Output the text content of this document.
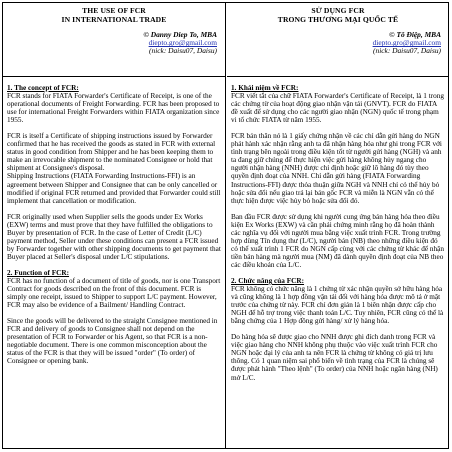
THE USE OF FCR
IN INTERNATIONAL TRADE
© Danny Diep To, MBA
diepto.gro@gmail.com
(nick: Daisu07, Daisu)
1. The concept of FCR:

FCR stands for FIATA Forwarder's Certificate of Receipt, is one of the operational documents of Freight Forwarding. FCR has been proposed to use for international Freight Forwarders within FIATA organization since 1955.

FCR is itself a Certificate of shipping instructions issued by Forwarder confirmed that he has received the goods as stated in FCR with external status in good condition from Shipper and he has been keeping them to make an irrevocable shipment to the nominated Consignee or hold that shipment at Consignee's disposal.

Shipping Instructions (FIATA Forwarding Instructions-FFI) is an agreement between Shipper and Consignee that can be only cancelled or modified if original FCR returned and provided that Forwarder could still implement that cancellation or modification.

FCR originally used when Supplier sells the goods under Ex Works (EXW) terms and must prove that they have fulfilled the obligations to Buyer by presentation of FCR. In the case of Letter of Credit (L/C) payment method, Seller under these conditions can present a FCR issued by Forwarder together with other shipping documents to get payment that Buyer placed at Seller's disposal under L/C stipulations.

2. Function of FCR:

FCR has no function of a document of title of goods, nor is one Transport Contract for goods described on the front of this document. FCR is simply one receipt, issued to Shipper to support L/C payment. However, FCR may also be evidence of a Bailment/ Handling Contract.

Since the goods will be delivered to the straight Consignee mentioned in FCR and delivery of goods to Consignee shall not depend on the presentation of FCR to Forwarder or his Agent, so that FCR is a non-negotiable document. There is one common misconception about the status of the FCR is that they will be issued "order" (To order) of Consignee or opening bank.

SỬ DỤNG FCR
TRONG THƯƠNG MẠI QUỐC TẾ
© Tô Điệp, MBA
diepto.gro@gmail.com
(nick: Daisu07, Daisu)
1. Khái niệm về FCR:

FCR viết tắt của chữ FIATA Forwarder's Certificate of Receipt, là 1 trong các chứng từ của hoạt động giao nhận vận tải (GNVT). FCR do FIATA đề xuất để sử dụng cho các người giao nhận (NGN) quốc tế trong phạm vi tổ chức FIATA từ năm 1955.

FCR bản thân nó là 1 giấy chứng nhận về các chỉ dẫn gửi hàng do NGN phát hành xác nhận rằng anh ta đã nhận hàng hóa như ghi trong FCR với tình trạng bên ngoài trong điều kiện tốt từ người gửi hàng (NGH) và anh ta đang giữ chúng để thực hiện việc gửi hàng không hủy ngang cho người nhận hàng (NNH) được chỉ định hoặc giữ lô hàng đó tùy theo quyền định đoạt của NNH. Chỉ dẫn gửi hàng (FIATA Forwarding Instructions-FFI) được thỏa thuận giữa NGH và NNH chỉ có thể hủy bỏ hoặc sửa đổi nếu giao trả lại bản gốc FCR và miễn là NGN vẫn có thể thực hiện được việc hủy bỏ hoặc sửa đổi đó.

Ban đầu FCR được sử dụng khi người cung ứng bán hàng hóa theo điều kiện Ex Works (EXW) và cần phải chứng minh rằng họ đã hoàn thành các nghĩa vụ đối với người mua bằng việc xuất trình FCR. Trong trường hợp dùng Tín dụng thư (L/C), người bán (NB) theo những điều kiện đó có thể xuất trình 1 FCR do NGN cấp cùng với các chứng từ khác để nhận tiền bán hàng mà người mua (NM) đã dành quyền định đoạt của NB theo các điều khoản của L/C.

2. Chức năng của FCR:

FCR không có chức năng là 1 chứng từ xác nhận quyền sở hữu hàng hóa và cũng không là 1 hợp đồng vận tải đối với hàng hóa được mô tả ở mặt trước của chứng từ này. FCR chỉ đơn giản là 1 biên nhận được cấp cho NGH để hỗ trợ trong việc thanh toán L/C. Tuy nhiên, FCR cũng có thể là bằng chứng của 1 Hợp đồng gửi hàng/ xử lý hàng hóa.

Do hàng hóa sẽ được giao cho NNH được ghi đích danh trong FCR và việc giao hàng cho NNH không phụ thuộc vào việc xuất trình FCR cho NGN hoặc đại lý của anh ta nên FCR là chứng từ không có giá trị lưu thông. Có 1 quan niệm sai phổ biến về tình trạng của FCR là chúng sẽ được phát hành "Theo lệnh" (To order) của NNH hoặc ngân hàng (NH) mở L/C.
